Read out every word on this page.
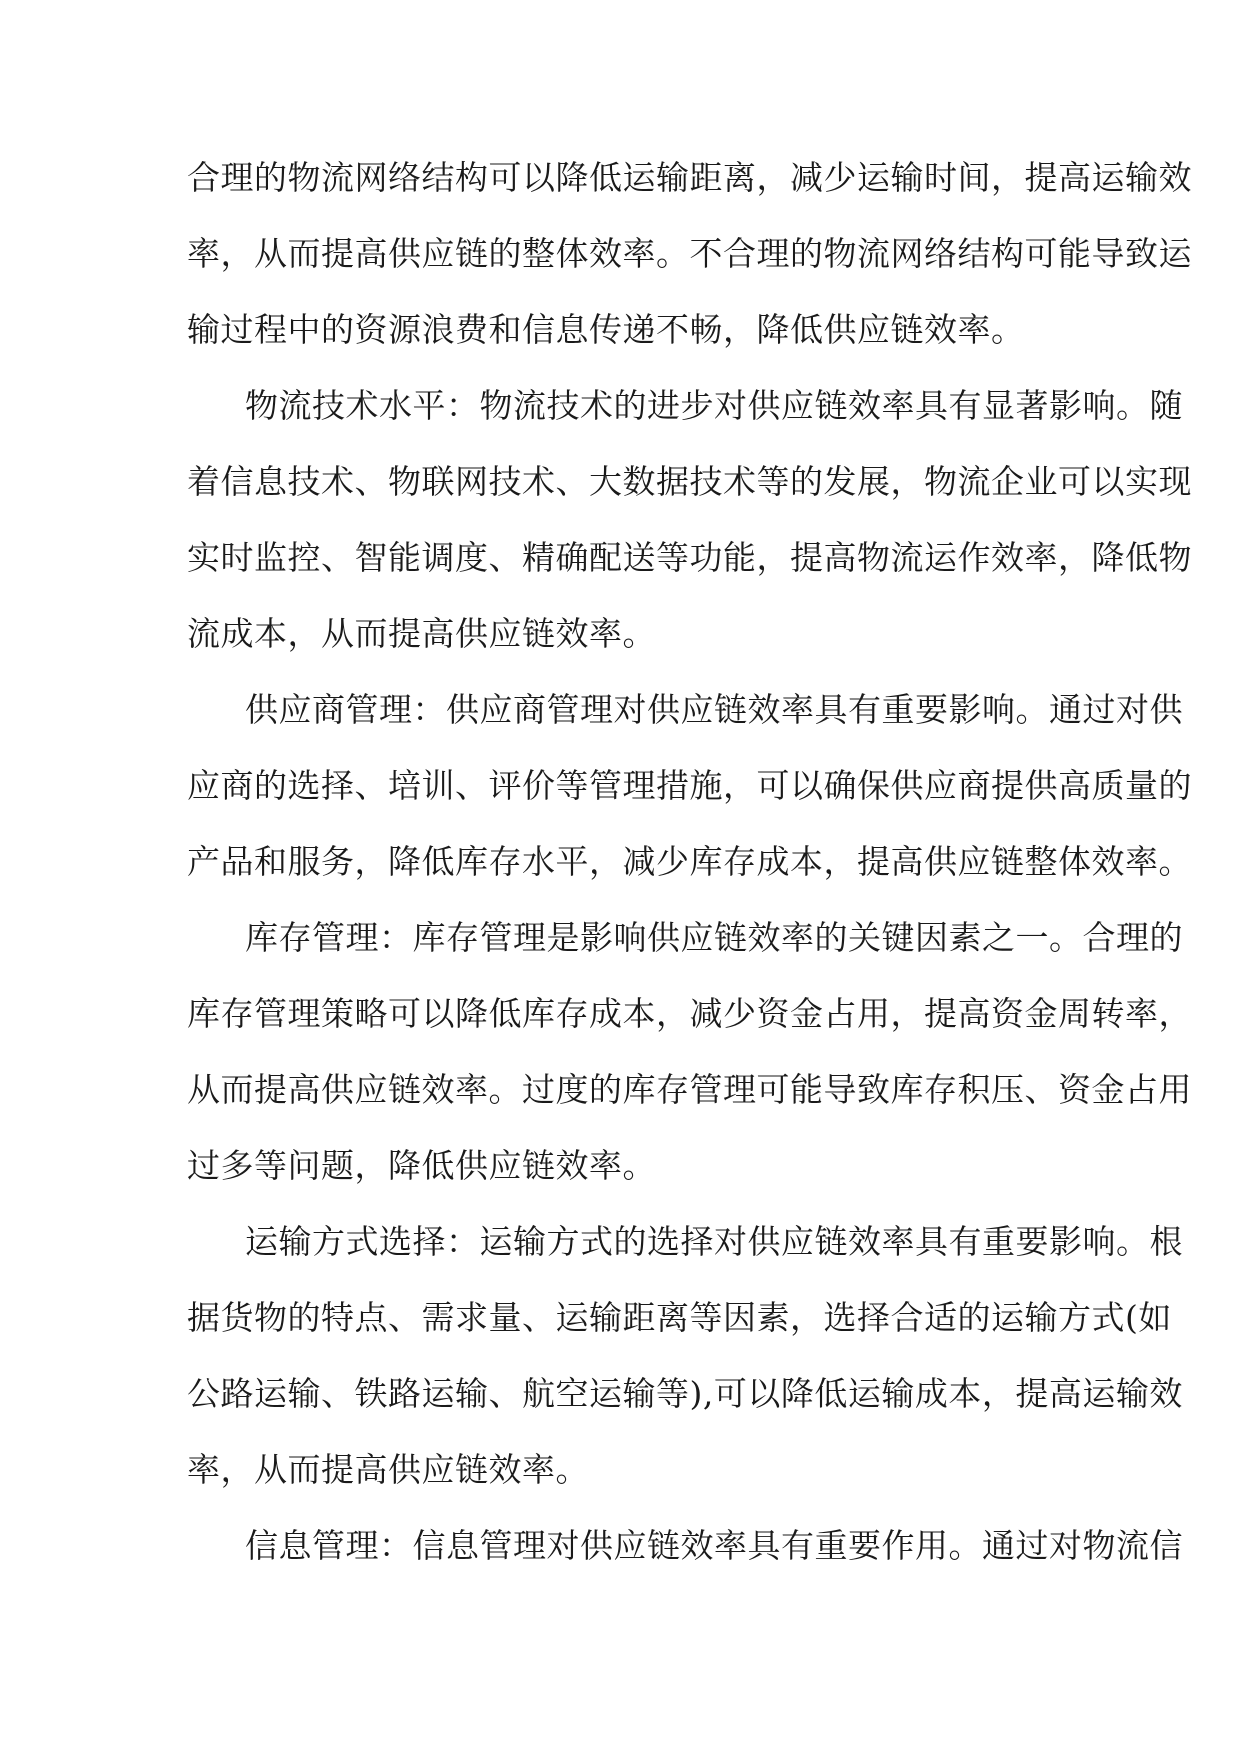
合理的物流网络结构可以降低运输距离，减少运输时间，提高运输效
率，从而提高供应链的整体效率。不合理的物流网络结构可能导致运
输过程中的资源浪费和信息传递不畅，降低供应链效率。
物流技术水平：物流技术的进步对供应链效率具有显著影响。随
着信息技术、物联网技术、大数据技术等的发展，物流企业可以实现
实时监控、智能调度、精确配送等功能，提高物流运作效率，降低物
流成本，从而提高供应链效率。
供应商管理：供应商管理对供应链效率具有重要影响。通过对供
应商的选择、培训、评价等管理措施，可以确保供应商提供高质量的
产品和服务，降低库存水平，减少库存成本，提高供应链整体效率。
库存管理：库存管理是影响供应链效率的关键因素之一。合理的
库存管理策略可以降低库存成本，减少资金占用，提高资金周转率，
从而提高供应链效率。过度的库存管理可能导致库存积压、资金占用
过多等问题，降低供应链效率。
运输方式选择：运输方式的选择对供应链效率具有重要影响。根
据货物的特点、需求量、运输距离等因素，选择合适的运输方式(如
公路运输、铁路运输、航空运输等),可以降低运输成本，提高运输效
率，从而提高供应链效率。
信息管理：信息管理对供应链效率具有重要作用。通过对物流信
